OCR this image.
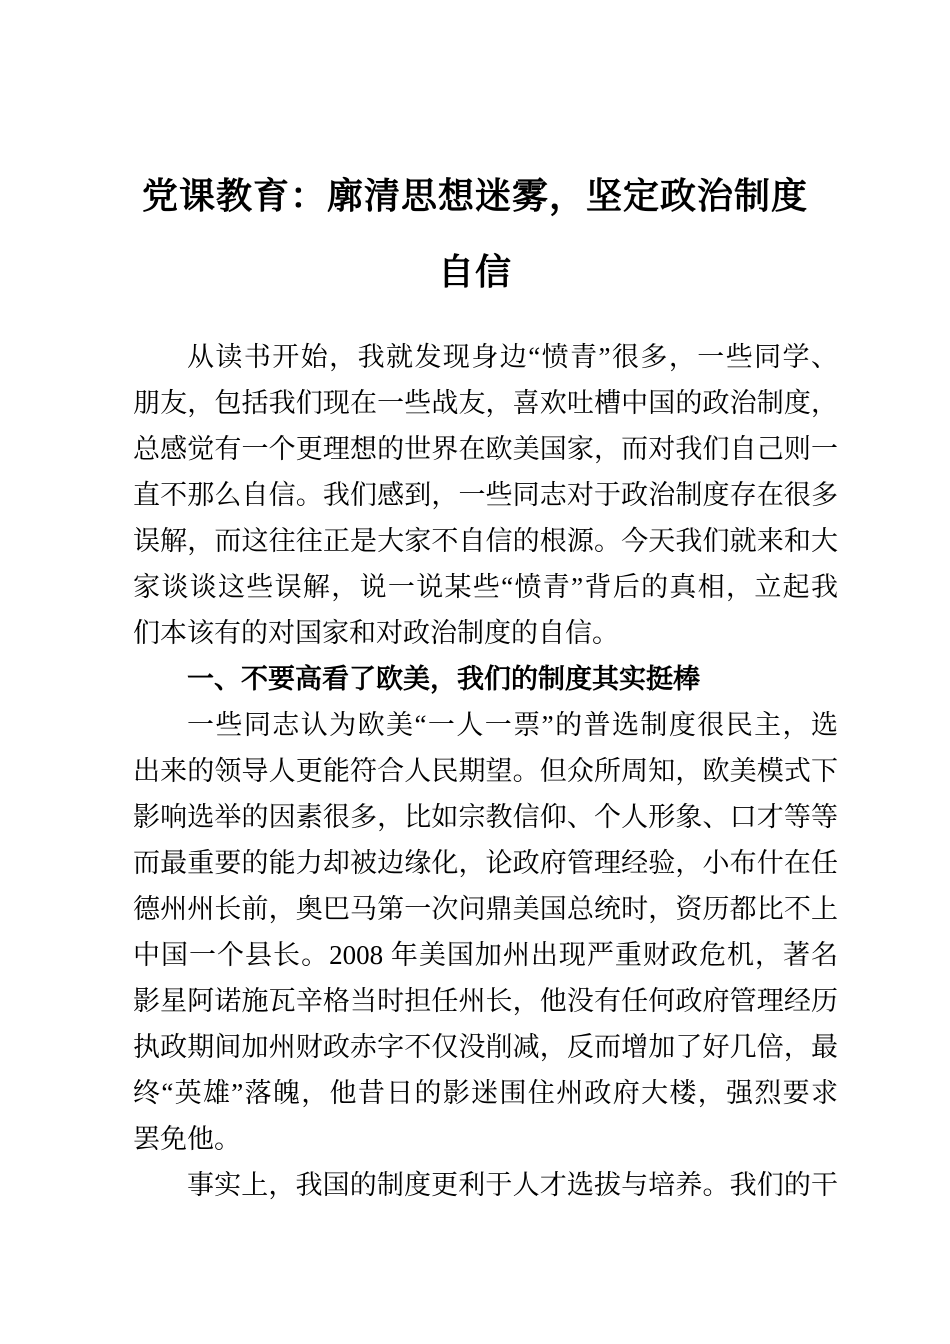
党课教育：廓清思想迷雾，坚定政治制度
自信
从读书开始，我就发现身边“愤青”很多，一些同学、
朋友，包括我们现在一些战友，喜欢吐槽中国的政治制度，
总感觉有一个更理想的世界在欧美国家，而对我们自己则一
直不那么自信。我们感到，一些同志对于政治制度存在很多
误解，而这往往正是大家不自信的根源。今天我们就来和大
家谈谈这些误解，说一说某些“愤青”背后的真相，立起我
们本该有的对国家和对政治制度的自信。
一、不要高看了欧美，我们的制度其实挺棒
一些同志认为欧美“一人一票”的普选制度很民主，选
出来的领导人更能符合人民期望。但众所周知，欧美模式下
影响选举的因素很多，比如宗教信仰、个人形象、口才等等
而最重要的能力却被边缘化，论政府管理经验，小布什在任
德州州长前，奥巴马第一次问鼎美国总统时，资历都比不上
中国一个县长。2008 年美国加州出现严重财政危机，著名
影星阿诺施瓦辛格当时担任州长，他没有任何政府管理经历
执政期间加州财政赤字不仅没削减，反而增加了好几倍，最
终“英雄”落魄，他昔日的影迷围住州政府大楼，强烈要求
罢免他。
事实上，我国的制度更利于人才选拔与培养。我们的干
